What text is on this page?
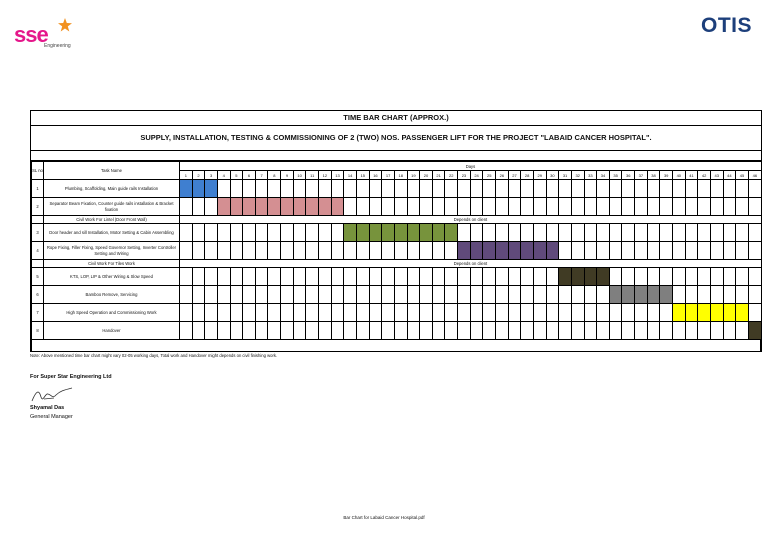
sse
Engineering
OTIS
TIME BAR CHART (APPROX.)
SUPPLY, INSTALLATION, TESTING & COMMISSIONING OF 2 (TWO) NOS. PASSENGER LIFT FOR THE PROJECT "LABAID CANCER HOSPITAL".
SL no	Task Name	Days																																													
		1	2	3	4	5	6	7	8	9	10	11	12	13	14	15	16	17	18	19	20	21	22	23	24	25	26	27	28	29	30	31	32	33	34	35	36	37	38	39	40	41	42	43	44	45	46
1	Plumbing, Scaffolding, Main guide rails Installation																																														
2	Separator Beam Fixation, Counter guide rails installation & Bracket fixation																																														
	Civil Work For Lintel (Door Front Wall)	Depends on client																																													
3	Door header and sill Installation, Motor Setting & Cabin Assembling																																														
4	Rope Fixing, Filler Fixing, Speed Governor Setting, Inverter Controller Setting and Wiring																																														
	Civil Work For Tiles Work	Depends on client																																													
5	KTS, LOP, LIP & Other Wiring & Slow Speed																																														
6	Bamboo Remove, Servicing																																														
7	High Speed Operation and Commissioning Work																																														
8	Handover																																														
Note: Above mentioned time bar chart might vary 02-05 working days, Total work and Handover might depends on civil finishing work.
For Super Star Engineering Ltd
Shyamal Das
General Manager
Bar Chart for Labaid Cancer Hospital.pdf
